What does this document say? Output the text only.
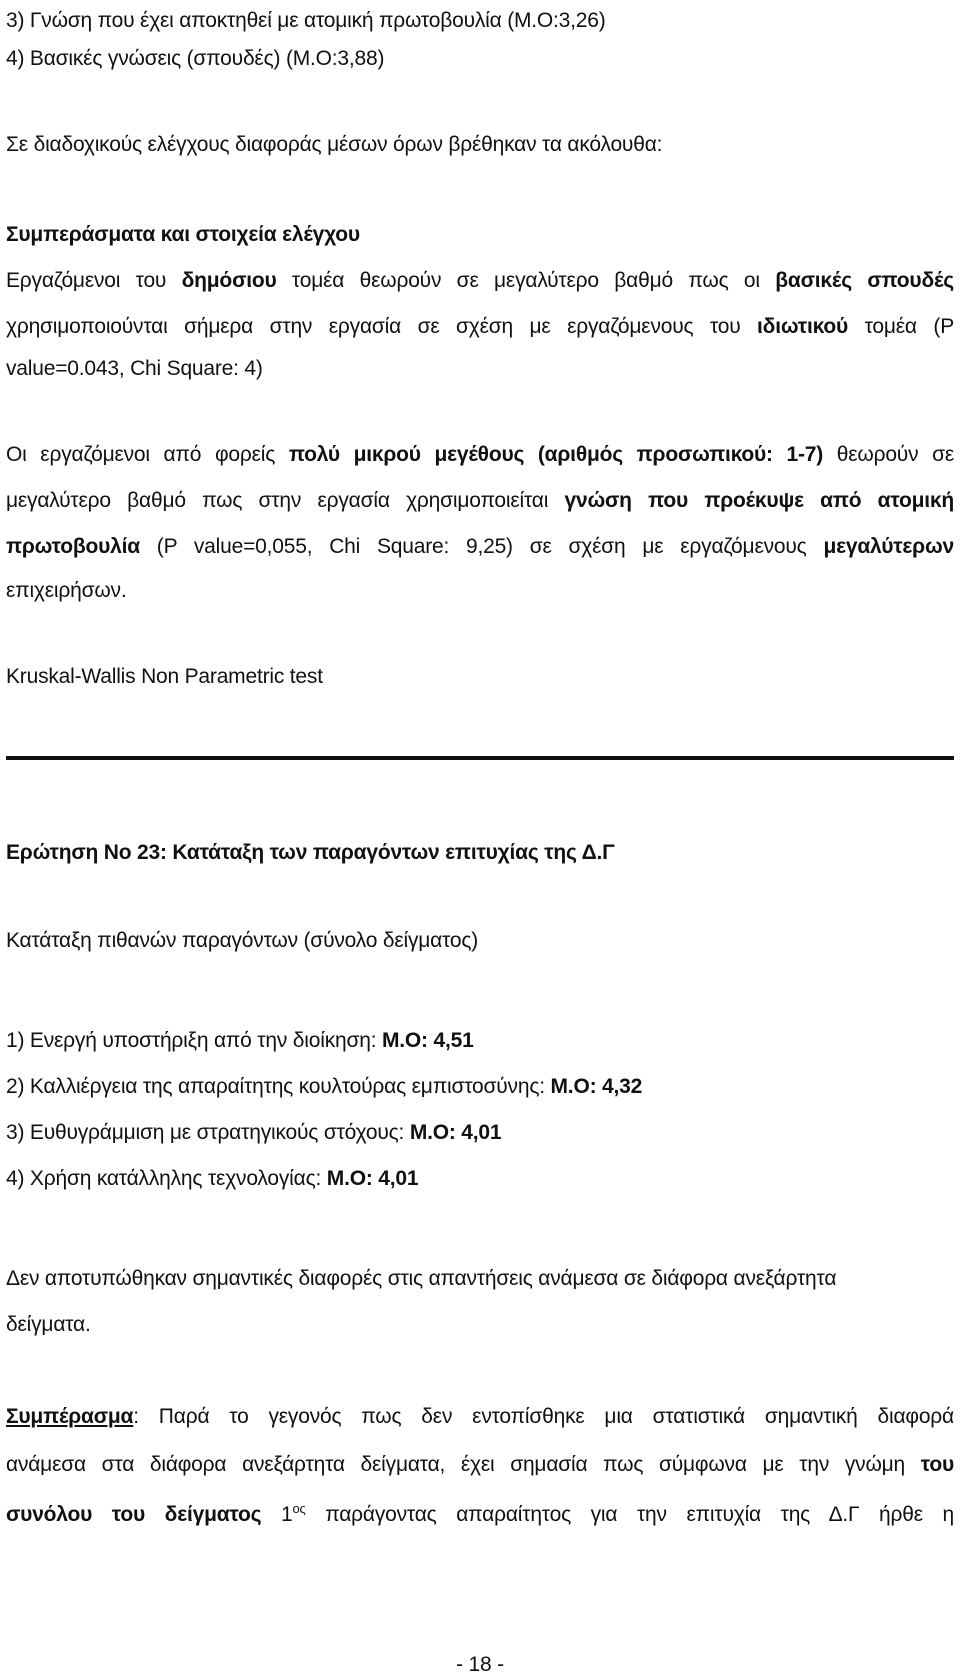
3) Γνώση που έχει αποκτηθεί με ατομική πρωτοβουλία (Μ.Ο:3,26)
4) Βασικές γνώσεις (σπουδές) (Μ.Ο:3,88)
Σε διαδοχικούς ελέγχους διαφοράς μέσων όρων βρέθηκαν τα ακόλουθα:
Συμπεράσματα και στοιχεία ελέγχου
Εργαζόμενοι του δημόσιου τομέα θεωρούν σε μεγαλύτερο βαθμό πως οι βασικές σπουδές
χρησιμοποιούνται σήμερα στην εργασία σε σχέση με εργαζόμενους του ιδιωτικού τομέα (P
value=0.043, Chi Square: 4)
Οι εργαζόμενοι από φορείς πολύ μικρού μεγέθους (αριθμός προσωπικού: 1-7) θεωρούν σε
μεγαλύτερο βαθμό πως στην εργασία χρησιμοποιείται γνώση που προέκυψε από ατομική
πρωτοβουλία (P value=0,055, Chi Square: 9,25) σε σχέση με εργαζόμενους μεγαλύτερων
επιχειρήσων.
Kruskal-Wallis Non Parametric test
Ερώτηση Νο 23: Κατάταξη των παραγόντων επιτυχίας της Δ.Γ
Κατάταξη πιθανών παραγόντων (σύνολο δείγματος)
1) Ενεργή υποστήριξη από την διοίκηση: Μ.Ο: 4,51
2) Καλλιέργεια της απαραίτητης κουλτούρας εμπιστοσύνης: Μ.Ο: 4,32
3) Ευθυγράμμιση με στρατηγικούς στόχους: Μ.Ο: 4,01
4) Χρήση κατάλληλης τεχνολογίας: Μ.Ο: 4,01
Δεν αποτυπώθηκαν σημαντικές διαφορές στις απαντήσεις ανάμεσα σε διάφορα ανεξάρτητα
δείγματα.
Συμπέρασμα: Παρά το γεγονός πως δεν εντοπίσθηκε μια στατιστικά σημαντική διαφορά
ανάμεσα στα διάφορα ανεξάρτητα δείγματα, έχει σημασία πως σύμφωνα με την γνώμη του
συνόλου του δείγματος $1^{o\varsigma}$ παράγοντας απαραίτητος για την επιτυχία της Δ.Γ ήρθε η
- 18 -
